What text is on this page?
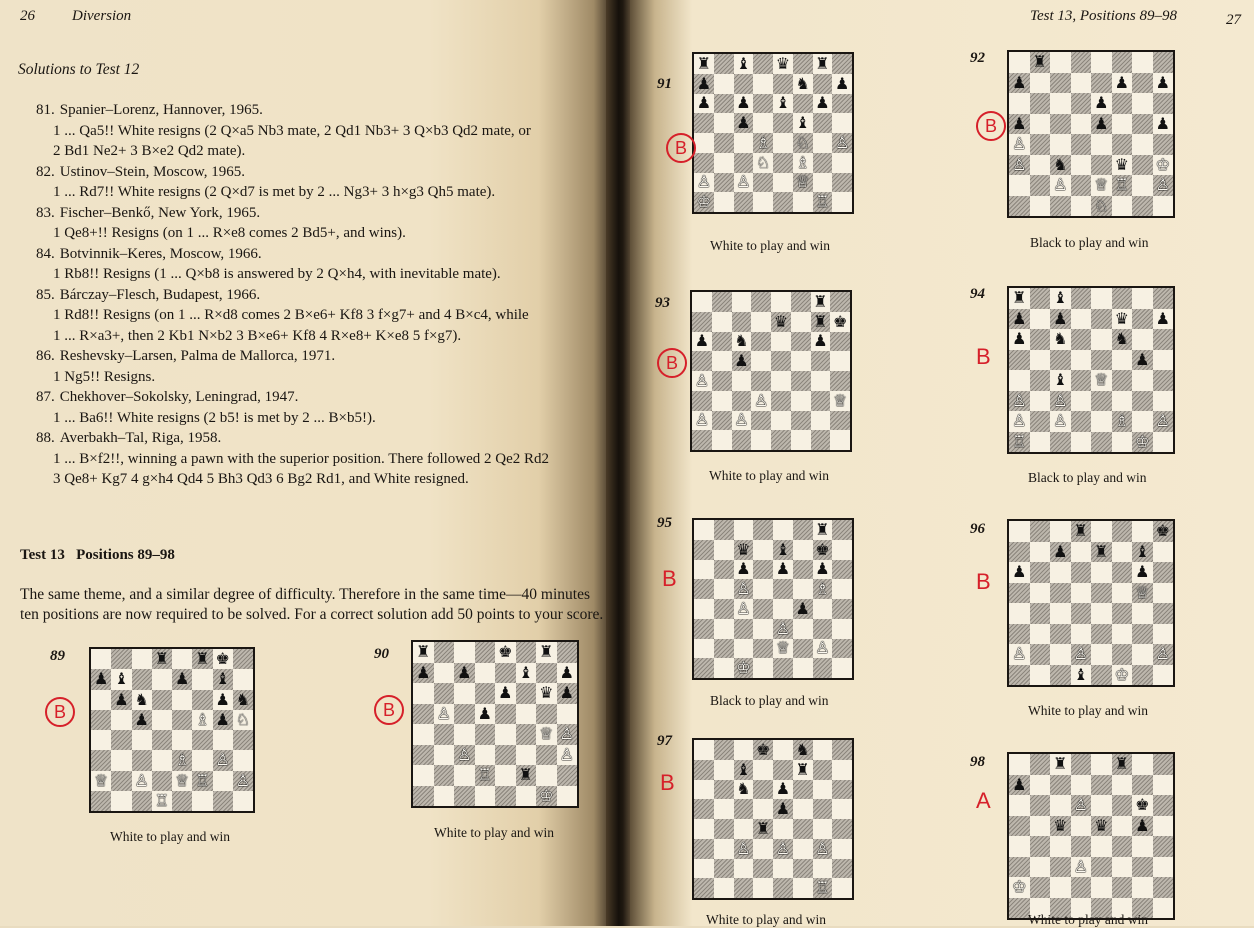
26 Diversion
Solutions to Test 12
81. Spanier–Lorenz, Hannover, 1965.
1 ... Qa5!! White resigns (2 Q×a5 Nb3 mate, 2 Qd1 Nb3+ 3 Q×b3 Qd2 mate, or
2 Bd1 Ne2+ 3 B×e2 Qd2 mate).
82. Ustinov–Stein, Moscow, 1965.
1 ... Rd7!! White resigns (2 Q×d7 is met by 2 ... Ng3+ 3 h×g3 Qh5 mate).
83. Fischer–Benkő, New York, 1965.
1 Qe8+!! Resigns (on 1 ... R×e8 comes 2 Bd5+, and wins).
84. Botvinnik–Keres, Moscow, 1966.
1 Rb8!! Resigns (1 ... Q×b8 is answered by 2 Q×h4, with inevitable mate).
85. Bárczay–Flesch, Budapest, 1966.
1 Rd8!! Resigns (on 1 ... R×d8 comes 2 B×e6+ Kf8 3 f×g7+ and 4 B×c4, while
1 ... R×a3+, then 2 Kb1 N×b2 3 B×e6+ Kf8 4 R×e8+ K×e8 5 f×g7).
86. Reshevsky–Larsen, Palma de Mallorca, 1971.
1 Ng5!! Resigns.
87. Chekhover–Sokolsky, Leningrad, 1947.
1 ... Ba6!! White resigns (2 b5! is met by 2 ... B×b5!).
88. Averbakh–Tal, Riga, 1958.
1 ... B×f2!!, winning a pawn with the superior position. There followed 2 Qe2 Rd2
3 Qe8+ Kg7 4 g×h4 Qd4 5 Bh3 Qd3 6 Bg2 Rd1, and White resigned.
Test 13   Positions 89–98
The same theme, and a similar degree of difficulty. Therefore in the same time—40 minutes
ten positions are now required to be solved. For a correct solution add 50 points to your score.
Test 13, Positions 89–98	27
89	♜ ♜ ♚
♟ ♝	♟ ♝
♟ ♞	♟ ♞
♟	♗ ♟ ♘
♗ ♙
♕ ♙ ♕ ♖ ♙
♖
White to play and win
B
90 ♜	♚ ♜
♟ ♟	♝ ♟
♟ ♛ ♟
♙ ♟
♕ ♙
♙	♙
♖ ♜
♔
White to play and win
B
91
♜ ♝ ♛ ♜
♟	♞ ♟
♟ ♟ ♝ ♟
♟	♝
♗ ♘ ♙
♘ ♗
♙ ♙	♕
♔	♖
White to play and win
B
92	♜
♟	♟ ♟
♟
♟	♟	♟
♙
♙ ♞	♛ ♔
♙ ♕ ♖ ♙
♘
Black to play and win
B
93	♜
♛ ♜ ♚
♟ ♞	♟
♟
♙
♙	♕
♙ ♙
White to play and win
B
94 ♜ ♝
♟ ♟	♛ ♟
♟ ♞	♞
♟
♝ ♕
♙ ♙
♙ ♙	♗ ♙
♖	♔
Black to play and win
B
95	♜
♛ ♝ ♚
♟ ♟ ♟
♙	♗
♙	♟
♙
♕ ♙
♔
Black to play and win
B
96	♜	♚
♟ ♜ ♝
♟	♟
♕
♙	♙	♙
♝ ♔
White to play and win
B
97	♚ ♞
♝	♜
♞ ♟
♟
♜
♙ ♙ ♙
♖
White to play and win
B
98	♜	♜
♟
♙	♚
♛ ♛ ♟
♙
♔
White to play and win
A
